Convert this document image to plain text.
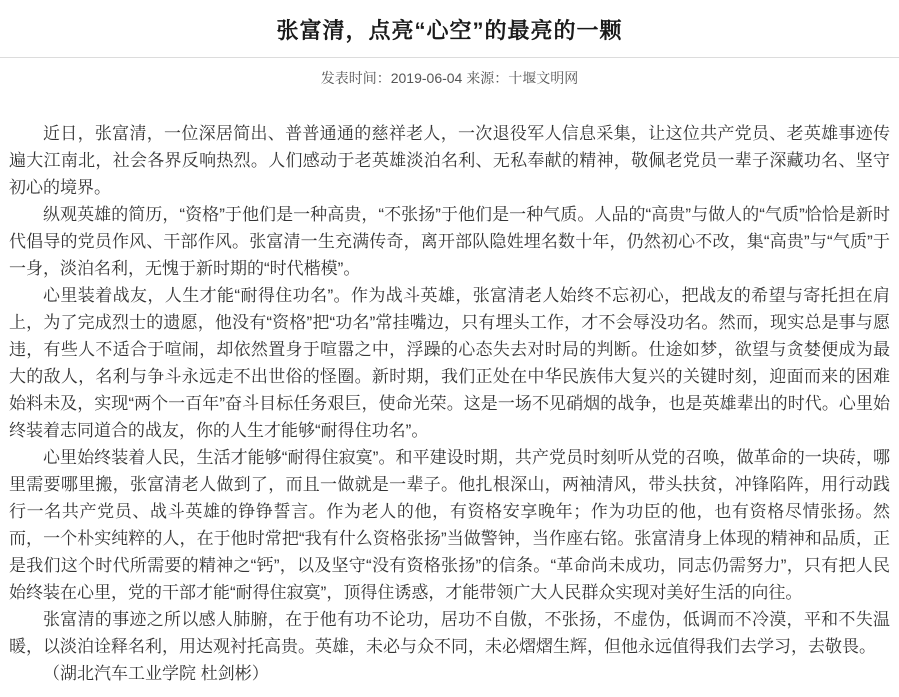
张富清，点亮“心空”的最亮的一颗
发表时间：2019-06-04 来源：十堰文明网

近日，张富清，一位深居简出、普普通通的慈祥老人，一次退役军人信息采集，让这位共产党员、老英雄事迹传遍大江南北，社会各界反响热烈。人们感动于老英雄淡泊名利、无私奉献的精神，敬佩老党员一辈子深藏功名、坚守初心的境界。

纵观英雄的简历，“资格”于他们是一种高贵，“不张扬”于他们是一种气质。人品的“高贵”与做人的“气质”恰恰是新时代倡导的党员作风、干部作风。张富清一生充满传奇，离开部队隐姓埋名数十年，仍然初心不改，集“高贵”与“气质”于一身，淡泊名利，无愧于新时期的“时代楷模”。

心里装着战友，人生才能“耐得住功名”。作为战斗英雄，张富清老人始终不忘初心，把战友的希望与寄托担在肩上，为了完成烈士的遗愿，他没有“资格”把“功名”常挂嘴边，只有埋头工作，才不会辱没功名。然而，现实总是事与愿违，有些人不适合于喧闹，却依然置身于喧嚣之中，浮躁的心态失去对时局的判断。仕途如梦，欲望与贪婪便成为最大的敌人，名利与争斗永远走不出世俗的怪圈。新时期，我们正处在中华民族伟大复兴的关键时刻，迎面而来的困难始料未及，实现“两个一百年”奋斗目标任务艰巨，使命光荣。这是一场不见硝烟的战争，也是英雄辈出的时代。心里始终装着志同道合的战友，你的人生才能够“耐得住功名”。

心里始终装着人民，生活才能够“耐得住寂寞”。和平建设时期，共产党员时刻听从党的召唤，做革命的一块砖，哪里需要哪里搬，张富清老人做到了，而且一做就是一辈子。他扎根深山，两袖清风，带头扶贫，冲锋陷阵，用行动践行一名共产党员、战斗英雄的铮铮誓言。作为老人的他，有资格安享晚年；作为功臣的他，也有资格尽情张扬。然而，一个朴实纯粹的人，在于他时常把“我有什么资格张扬”当做警钟，当作座右铭。张富清身上体现的精神和品质，正是我们这个时代所需要的精神之“钙”，以及坚守“没有资格张扬”的信条。“革命尚未成功，同志仍需努力”，只有把人民始终装在心里，党的干部才能“耐得住寂寞”，顶得住诱惑，才能带领广大人民群众实现对美好生活的向往。

张富清的事迹之所以感人肺腑，在于他有功不论功，居功不自傲，不张扬，不虚伪，低调而不冷漠，平和不失温暖，以淡泊诠释名利，用达观衬托高贵。英雄，未必与众不同，未必熠熠生辉，但他永远值得我们去学习，去敬畏。

（湖北汽车工业学院 杜剑彬）
